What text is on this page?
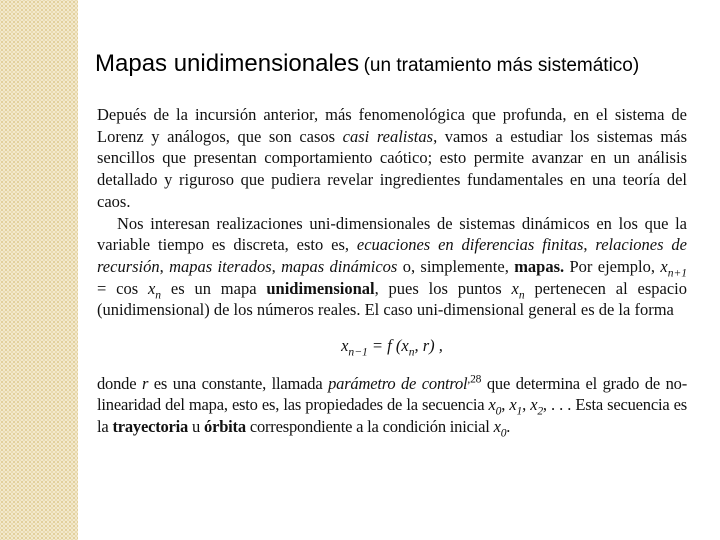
Mapas unidimensionales (un tratamiento más sistemático)

Depués de la incursión anterior, más fenomenológica que profunda, en el sistema de Lorenz y análogos, que son casos casi realistas, vamos a estudiar los sistemas más sencillos que presentan comportamiento caótico; esto permite avanzar en un análisis detallado y riguroso que pudiera revelar ingredientes fundamentales en una teoría del caos.

Nos interesan realizaciones uni-dimensionales de sistemas dinámicos en los que la variable tiempo es discreta, esto es, ecuaciones en diferencias finitas, relaciones de recursión, mapas iterados, mapas dinámicos o, simplemente, mapas. Por ejemplo, $x_{n+1} = \cos x_n$ es un mapa unidimensional, pues los puntos $x_n$ pertenecen al espacio (unidimensional) de los números reales. El caso uni-dimensional general es de la forma

$x_{n-1} = f$ ($x_n$, r) ,

donde r es una constante, llamada parámetro de control$^{,28}$ que determina el grado de no-linearidad del mapa, esto es, las propiedades de la secuencia $x_0$, $x_1$, $x_2$, . . . Esta secuencia es la trayectoria u órbita correspondiente a la condición inicial $x_0$.
